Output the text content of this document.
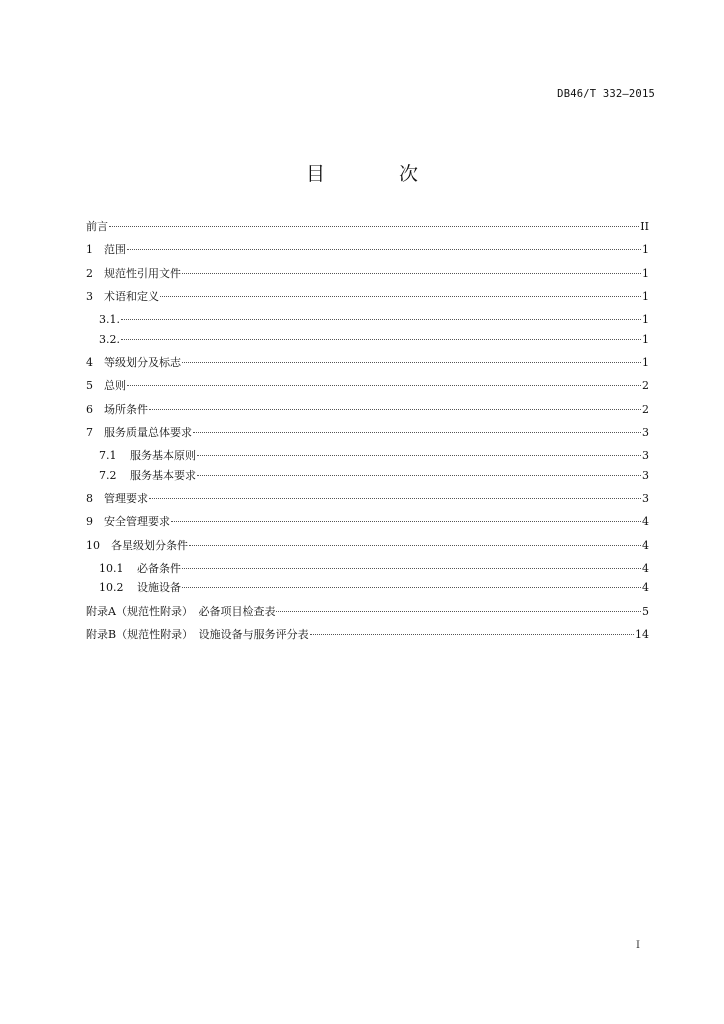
DB46/T 332—2015
目 次
前言	II
1	范围	1
2	规范性引用文件	1
3	术语和定义	1
3.1.	1
3.2.	1
4	等级划分及标志	1
5	总则	2
6	场所条件	2
7	服务质量总体要求	3
7.1	服务基本原则	3
7.2	服务基本要求	3
8	管理要求	3
9	安全管理要求	4
10	各星级划分条件	4
10.1	必备条件	4
10.2	设施设备	4
附录A（规范性附录）　必备项目检查表	5
附录B（规范性附录）　设施设备与服务评分表	14
I
